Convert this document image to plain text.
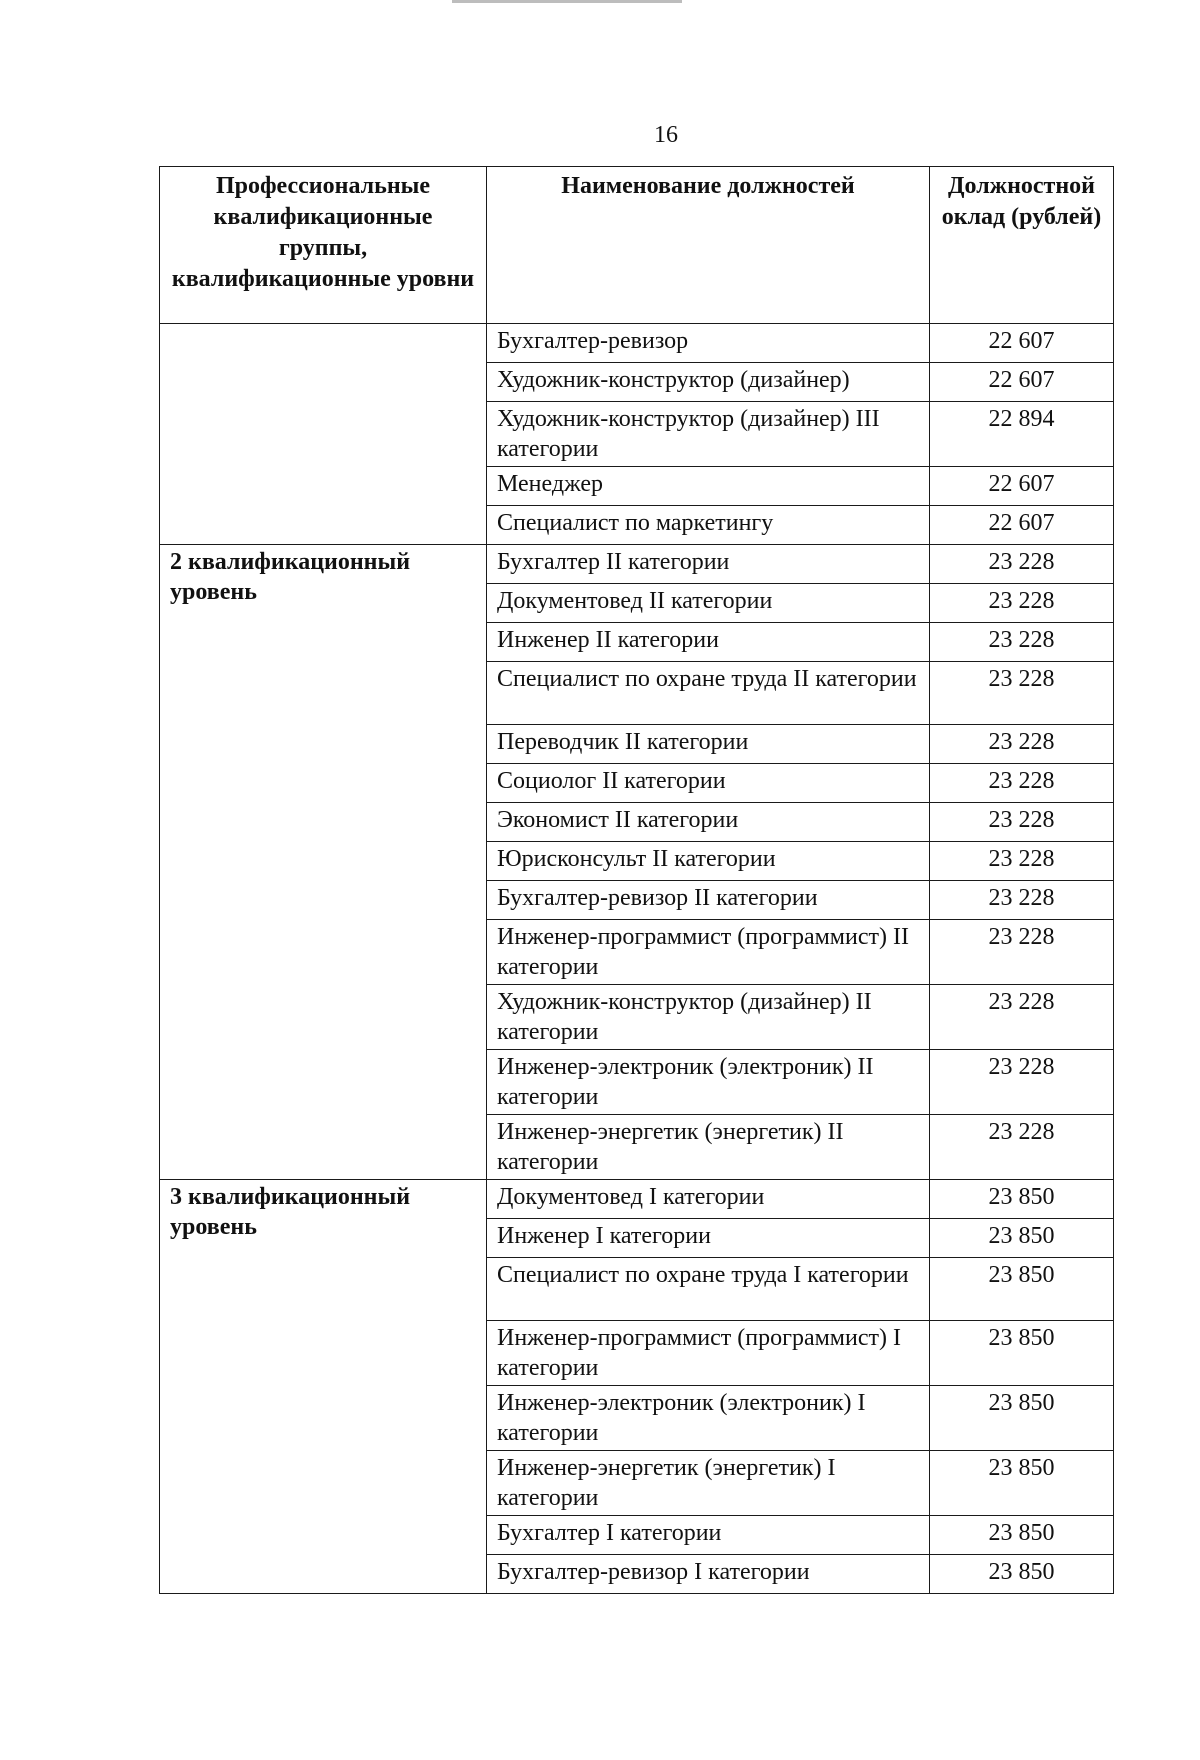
16
Профессиональные квалификационные группы, квалификационные уровни	Наименование должностей	Должностной оклад (рублей)
	Бухгалтер-ревизор	22 607
	Художник-конструктор (дизайнер)	22 607
	Художник-конструктор (дизайнер) III категории	22 894
	Менеджер	22 607
	Специалист по маркетингу	22 607
2 квалификационный уровень	Бухгалтер II категории	23 228
	Документовед II категории	23 228
	Инженер II категории	23 228
	Специалист по охране труда II категории	23 228
	Переводчик II категории	23 228
	Социолог II категории	23 228
	Экономист II категории	23 228
	Юрисконсульт II категории	23 228
	Бухгалтер-ревизор II категории	23 228
	Инженер-программист (программист) II категории	23 228
	Художник-конструктор (дизайнер) II категории	23 228
	Инженер-электроник (электроник) II категории	23 228
	Инженер-энергетик (энергетик) II категории	23 228
3 квалификационный уровень	Документовед I категории	23 850
	Инженер I категории	23 850
	Специалист по охране труда I категории	23 850
	Инженер-программист (программист) I категории	23 850
	Инженер-электроник (электроник) I категории	23 850
	Инженер-энергетик (энергетик) I категории	23 850
	Бухгалтер I категории	23 850
	Бухгалтер-ревизор I категории	23 850
